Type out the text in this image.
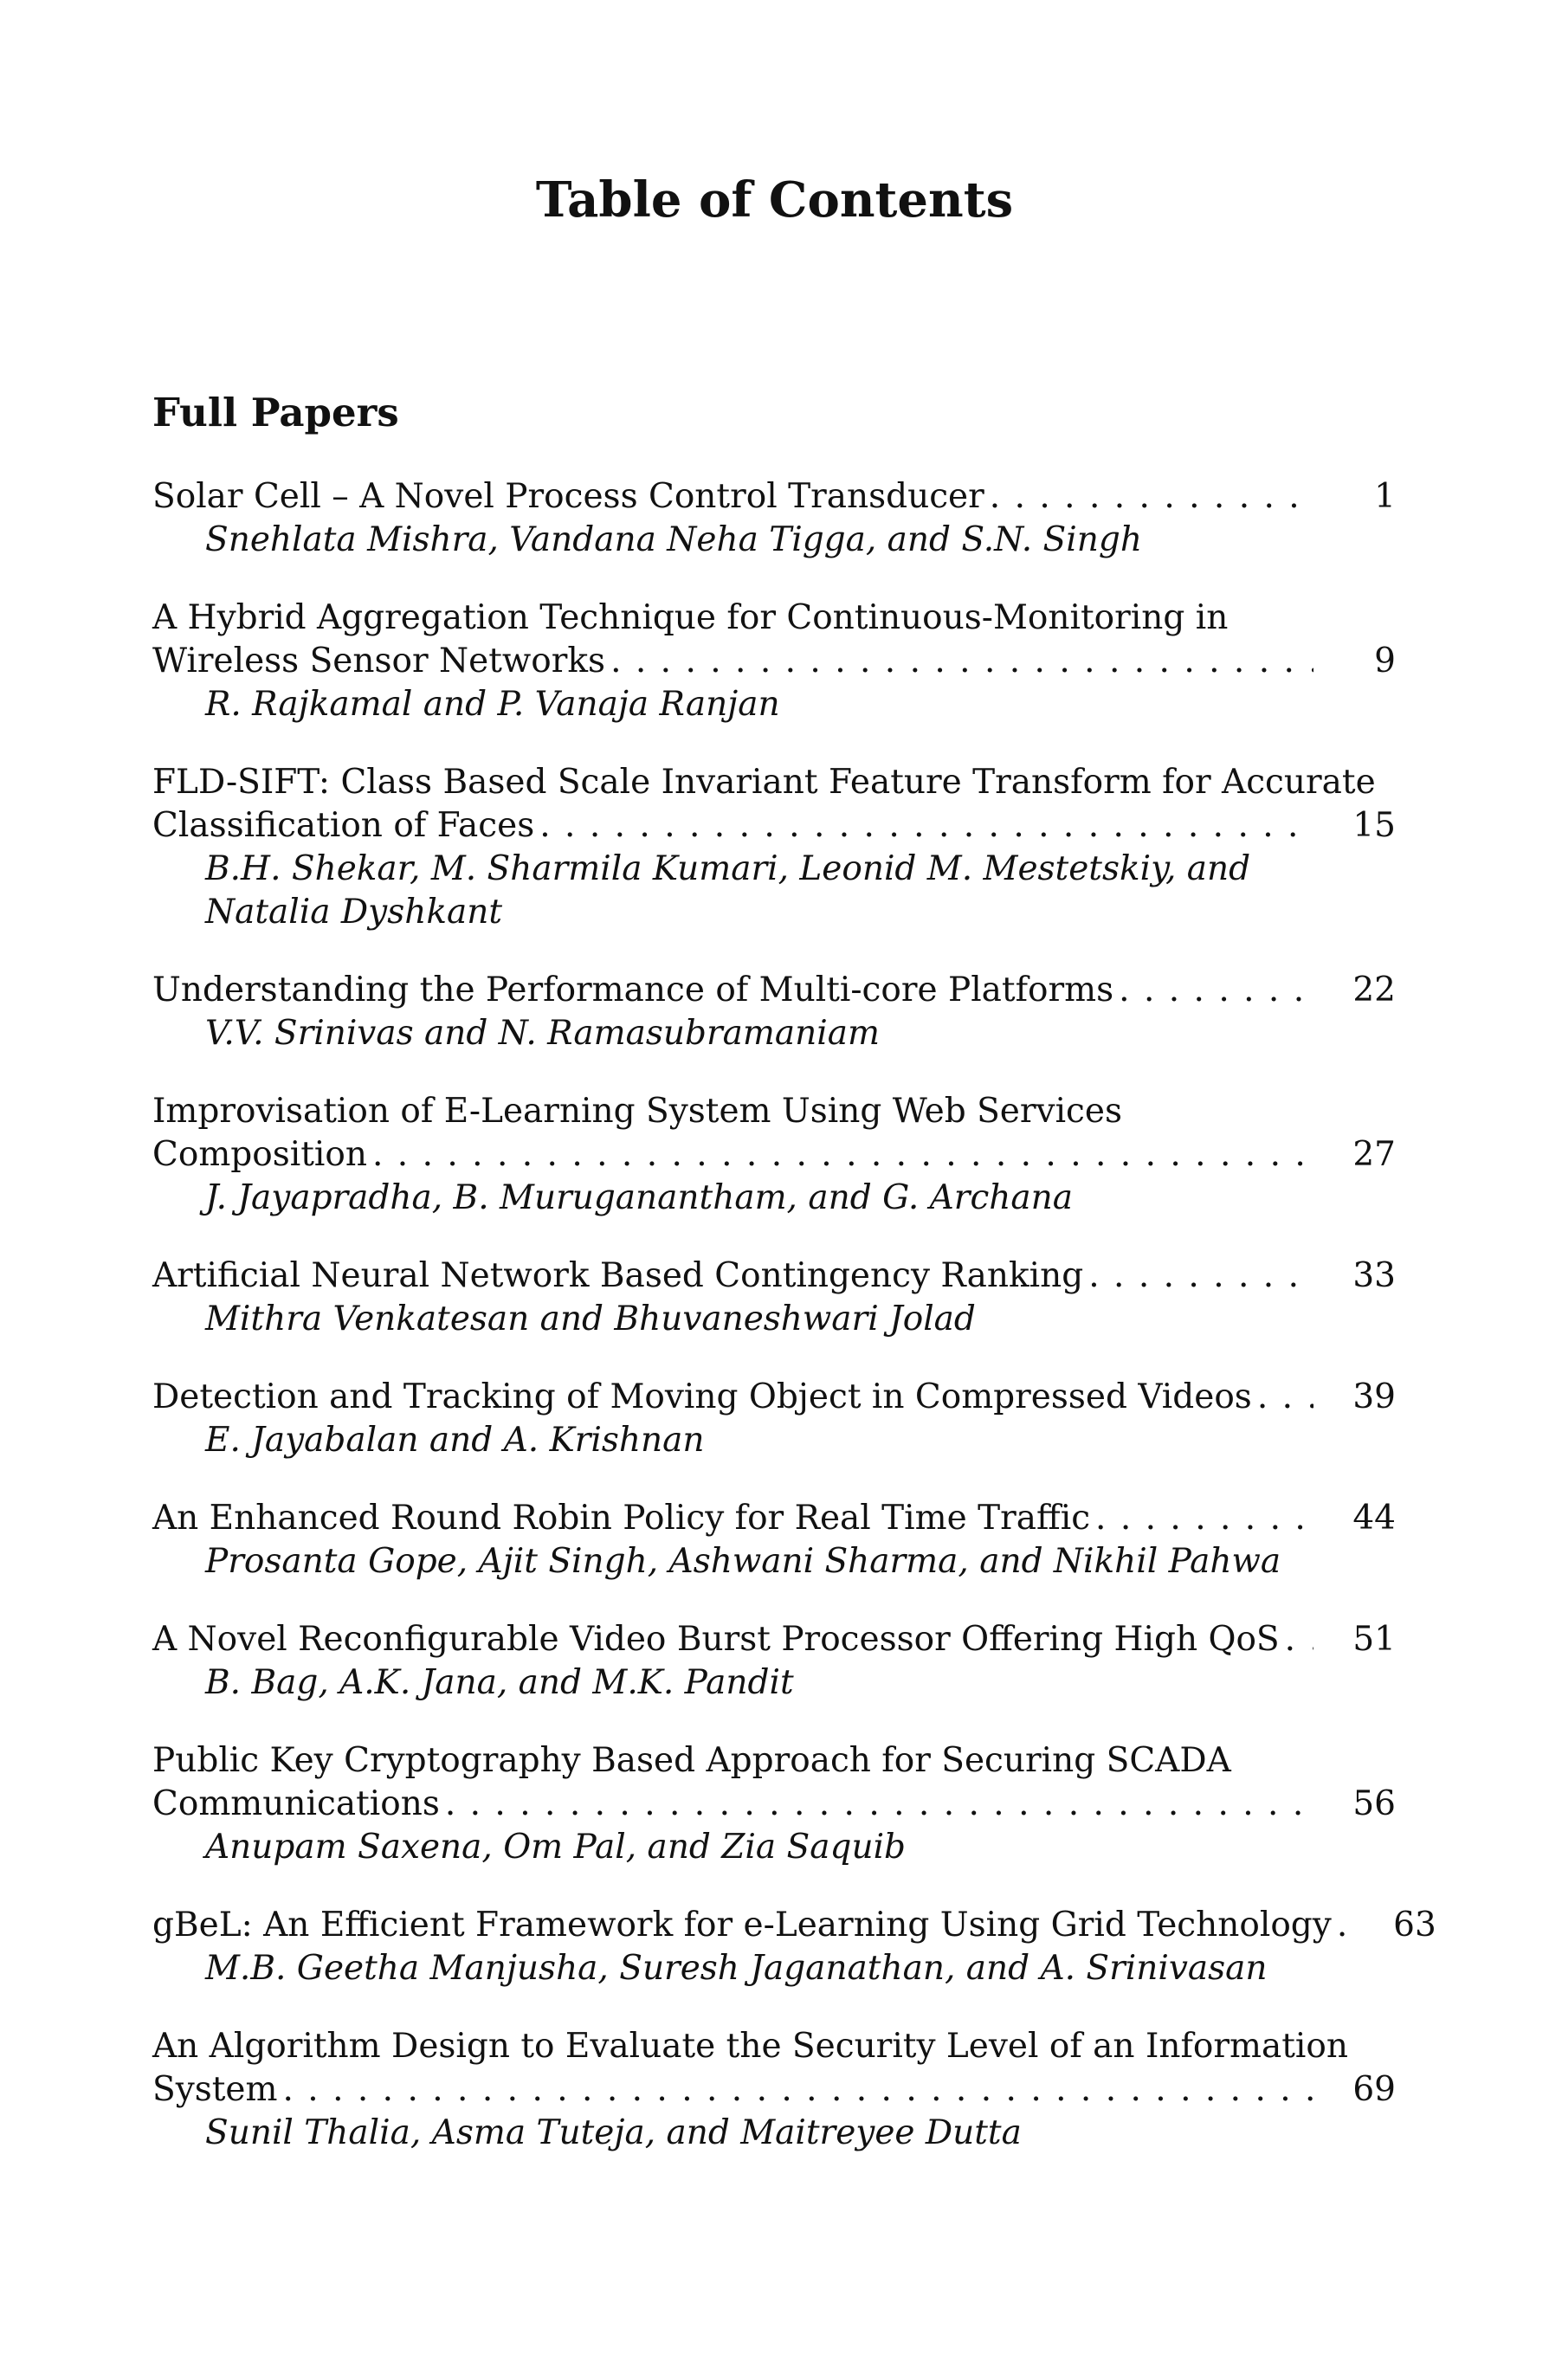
Table of Contents
Full Papers
Solar Cell – A Novel Process Control Transducer . . .	1
Snehlata Mishra, Vandana Neha Tigga, and S.N. Singh
A Hybrid Aggregation Technique for Continuous-Monitoring in
Wireless Sensor Networks . . .	9
R. Rajkamal and P. Vanaja Ranjan
FLD-SIFT: Class Based Scale Invariant Feature Transform for Accurate
Classification of Faces . . .	15
B.H. Shekar, M. Sharmila Kumari, Leonid M. Mestetskiy, and
Natalia Dyshkant
Understanding the Performance of Multi-core Platforms . . .	22
V.V. Srinivas and N. Ramasubramaniam
Improvisation of E-Learning System Using Web Services
Composition . . .	27
J. Jayapradha, B. Muruganantham, and G. Archana
Artificial Neural Network Based Contingency Ranking . . .	33
Mithra Venkatesan and Bhuvaneshwari Jolad
Detection and Tracking of Moving Object in Compressed Videos . . .	39
E. Jayabalan and A. Krishnan
An Enhanced Round Robin Policy for Real Time Traffic . . .	44
Prosanta Gope, Ajit Singh, Ashwani Sharma, and Nikhil Pahwa
A Novel Reconfigurable Video Burst Processor Offering High QoS . . .	51
B. Bag, A.K. Jana, and M.K. Pandit
Public Key Cryptography Based Approach for Securing SCADA
Communications . . .	56
Anupam Saxena, Om Pal, and Zia Saquib
gBeL: An Efficient Framework for e-Learning Using Grid Technology . . .	63
M.B. Geetha Manjusha, Suresh Jaganathan, and A. Srinivasan
An Algorithm Design to Evaluate the Security Level of an Information
System . . .	69
Sunil Thalia, Asma Tuteja, and Maitreyee Dutta
